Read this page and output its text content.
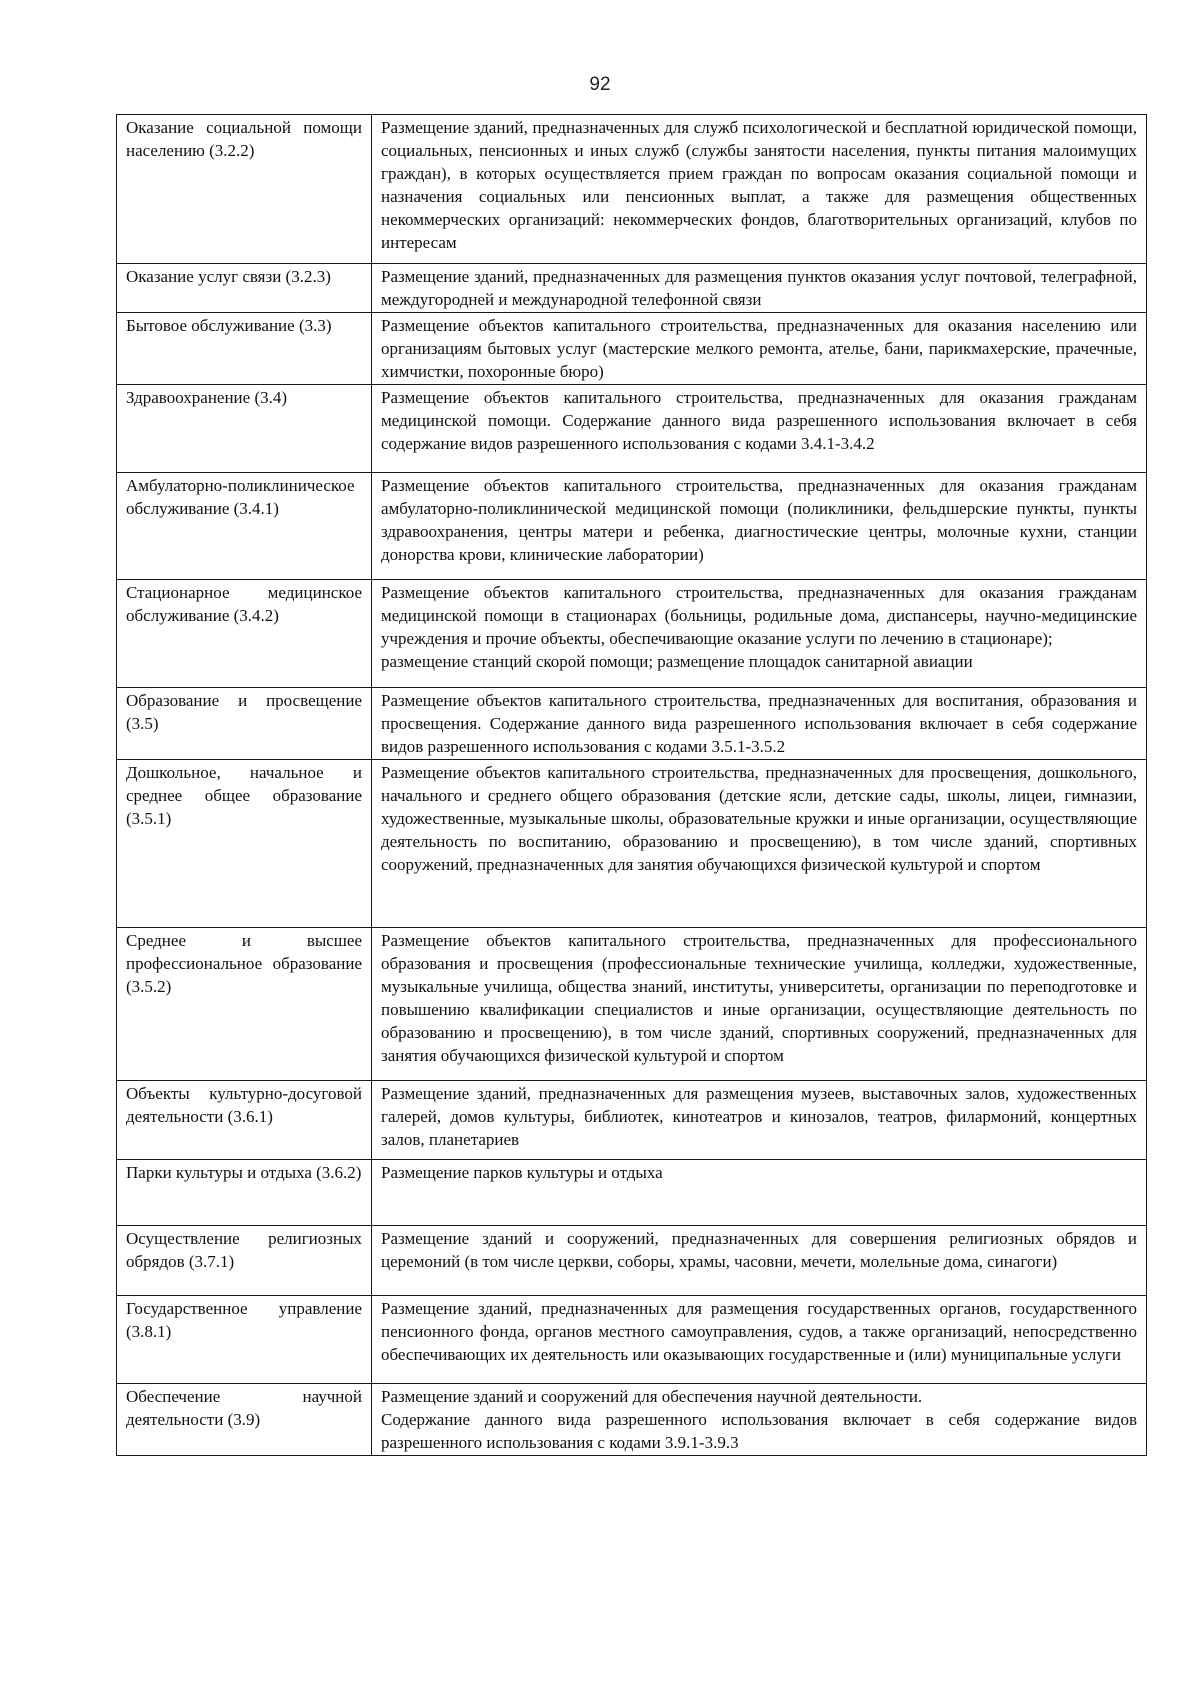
92
Оказание социальной помощи населению (3.2.2)	Размещение зданий, предназначенных для служб психологической и бесплатной юридической помощи, социальных, пенсионных и иных служб (службы занятости населения, пункты питания малоимущих граждан), в которых осуществляется прием граждан по вопросам оказания социальной помощи и назначения социальных или пенсионных выплат, а также для размещения общественных некоммерческих организаций: некоммерческих фондов, благотворительных организаций, клубов по интересам

Оказание услуг связи (3.2.3)	Размещение зданий, предназначенных для размещения пунктов оказания услуг почтовой, телеграфной, междугородней и международной телефонной связи

Бытовое обслуживание (3.3)	Размещение объектов капитального строительства, предназначенных для оказания населению или организациям бытовых услуг (мастерские мелкого ремонта, ателье, бани, парикмахерские, прачечные, химчистки, похоронные бюро)

Здравоохранение (3.4)	Размещение объектов капитального строительства, предназначенных для оказания гражданам медицинской помощи. Содержание данного вида разрешенного использования включает в себя содержание видов разрешенного использования с кодами 3.4.1-3.4.2

Амбулаторно-поликлиническое обслуживание (3.4.1)	Размещение объектов капитального строительства, предназначенных для оказания гражданам амбулаторно-поликлинической медицинской помощи (поликлиники, фельдшерские пункты, пункты здравоохранения, центры матери и ребенка, диагностические центры, молочные кухни, станции донорства крови, клинические лаборатории)

Стационарное медицинское обслуживание (3.4.2)	Размещение объектов капитального строительства, предназначенных для оказания гражданам медицинской помощи в стационарах (больницы, родильные дома, диспансеры, научно-медицинские учреждения и прочие объекты, обеспечивающие оказание услуги по лечению в стационаре);
размещение станций скорой помощи; размещение площадок санитарной авиации

Образование и просвещение (3.5)	Размещение объектов капитального строительства, предназначенных для воспитания, образования и просвещения. Содержание данного вида разрешенного использования включает в себя содержание видов разрешенного использования с кодами 3.5.1-3.5.2

Дошкольное, начальное и среднее общее образование (3.5.1)	Размещение объектов капитального строительства, предназначенных для просвещения, дошкольного, начального и среднего общего образования (детские ясли, детские сады, школы, лицеи, гимназии, художественные, музыкальные школы, образовательные кружки и иные организации, осуществляющие деятельность по воспитанию, образованию и просвещению), в том числе зданий, спортивных сооружений, предназначенных для занятия обучающихся физической культурой и спортом

Среднее и высшее профессиональное образование (3.5.2)	Размещение объектов капитального строительства, предназначенных для профессионального образования и просвещения (профессиональные технические училища, колледжи, художественные, музыкальные училища, общества знаний, институты, университеты, организации по переподготовке и повышению квалификации специалистов и иные организации, осуществляющие деятельность по образованию и просвещению), в том числе зданий, спортивных сооружений, предназначенных для занятия обучающихся физической культурой и спортом

Объекты культурно-досуговой деятельности (3.6.1)	Размещение зданий, предназначенных для размещения музеев, выставочных залов, художественных галерей, домов культуры, библиотек, кинотеатров и кинозалов, театров, филармоний, концертных залов, планетариев

Парки культуры и отдыха (3.6.2)	Размещение парков культуры и отдыха

Осуществление религиозных обрядов (3.7.1)	Размещение зданий и сооружений, предназначенных для совершения религиозных обрядов и церемоний (в том числе церкви, соборы, храмы, часовни, мечети, молельные дома, синагоги)

Государственное управление (3.8.1)	Размещение зданий, предназначенных для размещения государственных органов, государственного пенсионного фонда, органов местного самоуправления, судов, а также организаций, непосредственно обеспечивающих их деятельность или оказывающих государственные и (или) муниципальные услуги

Обеспечение научной деятельности (3.9)	Размещение зданий и сооружений для обеспечения научной деятельности.
Содержание данного вида разрешенного использования включает в себя содержание видов разрешенного использования с кодами 3.9.1-3.9.3
